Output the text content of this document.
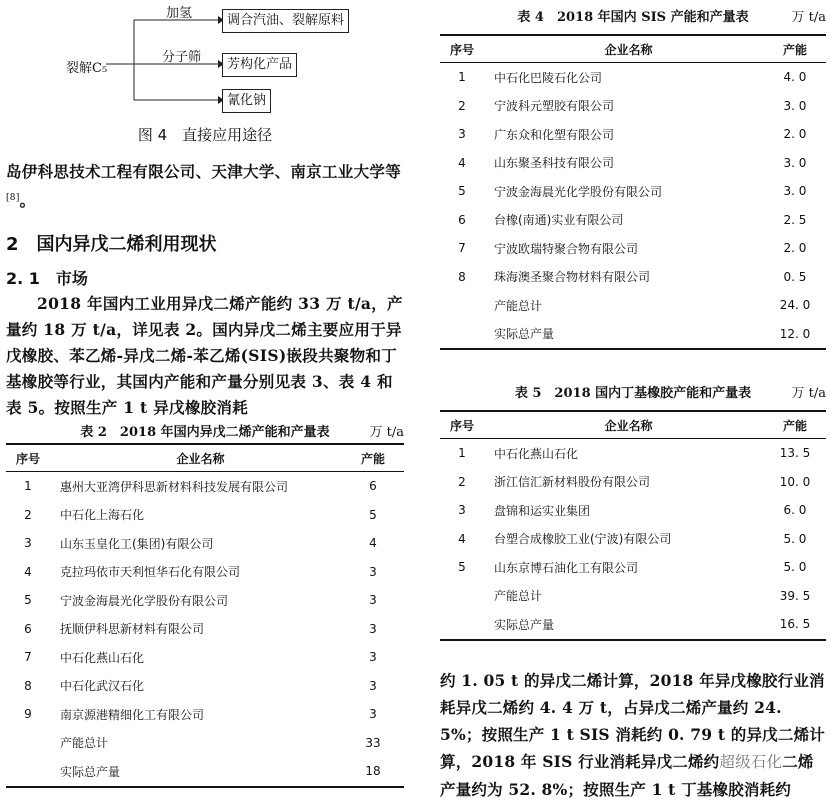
裂解C₅
加氢
分子筛
调合汽油、裂解原料
芳构化产品
氰化钠
图 4　直接应用途径

岛伊科思技术工程有限公司、天津大学、南京工业大学等[8]。

2　国内异戊二烯利用现状
2. 1　市场

2018 年国内工业用异戊二烯产能约 33 万 t/a，产量约 18 万 t/a，详见表 2。国内异戊二烯主要应用于异戊橡胶、苯乙烯-异戊二烯-苯乙烯(SIS)嵌段共聚物和丁基橡胶等行业，其国内产能和产量分别见表 3、表 4 和表 5。按照生产 1 t 异戊橡胶消耗

表 2　2018 年国内异戊二烯产能和产量表	万 t/a
序号	企业名称	产能
1	惠州大亚湾伊科思新材料科技发展有限公司	6
2	中石化上海石化	5
3	山东玉皇化工(集团)有限公司	4
4	克拉玛依市天利恒华石化有限公司	3
5	宁波金海晨光化学股份有限公司	3
6	抚顺伊科思新材料有限公司	3
7	中石化燕山石化	3
8	中石化武汉石化	3
9	南京源港精细化工有限公司	3
	产能总计	33
	实际总产量	18
表 4　2018 年国内 SIS 产能和产量表	万 t/a
序号	企业名称	产能
1	中石化巴陵石化公司	4. 0
2	宁波科元塑胶有限公司	3. 0
3	广东众和化塑有限公司	2. 0
4	山东聚圣科技有限公司	3. 0
5	宁波金海晨光化学股份有限公司	3. 0
6	台橡(南通)实业有限公司	2. 5
7	宁波欧瑞特聚合物有限公司	2. 0
8	珠海澳圣聚合物材料有限公司	0. 5
	产能总计	24. 0
	实际总产量	12. 0
表 5　2018 国内丁基橡胶产能和产量表	万 t/a
序号	企业名称	产能
1	中石化燕山石化	13. 5
2	浙江信汇新材料股份有限公司	10. 0
3	盘锦和运实业集团	6. 0
4	台塑合成橡胶工业(宁波)有限公司	5. 0
5	山东京博石油化工有限公司	5. 0
	产能总计	39. 5
	实际总产量	16. 5

约 1. 05 t 的异戊二烯计算，2018 年异戊橡胶行业消耗异戊二烯约 4. 4 万 t，占异戊二烯产量约 24. 5%；按照生产 1 t SIS 消耗约 0. 79 t 的异戊二烯计算，2018 年 SIS 行业消耗异戊二烯约超级石化二烯产量约为 52. 8%；按照生产 1 t 丁基橡胶消耗约
